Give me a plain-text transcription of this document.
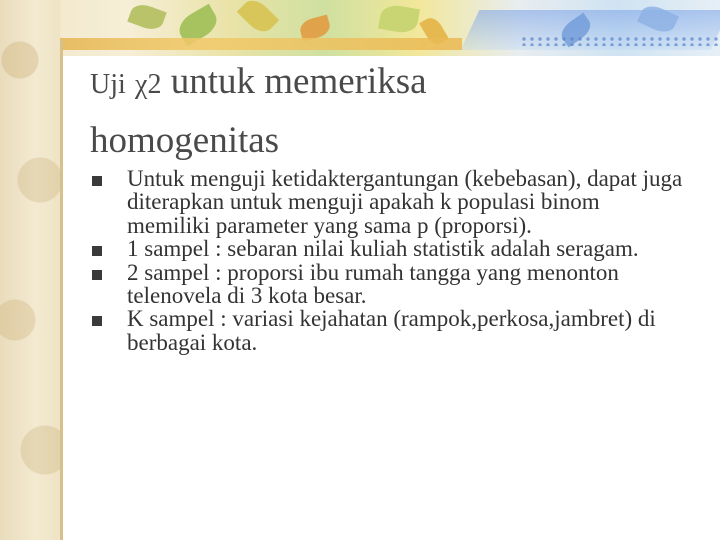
Uji χ2 untuk memeriksa
homogenitas
Untuk menguji ketidaktergantungan (kebebasan), dapat juga diterapkan untuk menguji apakah k populasi binom memiliki parameter yang sama p (proporsi).
1 sampel : sebaran nilai kuliah statistik adalah seragam.
2 sampel : proporsi ibu rumah tangga yang menonton telenovela di 3 kota besar.
K sampel : variasi kejahatan (rampok,perkosa,jambret) di berbagai kota.
